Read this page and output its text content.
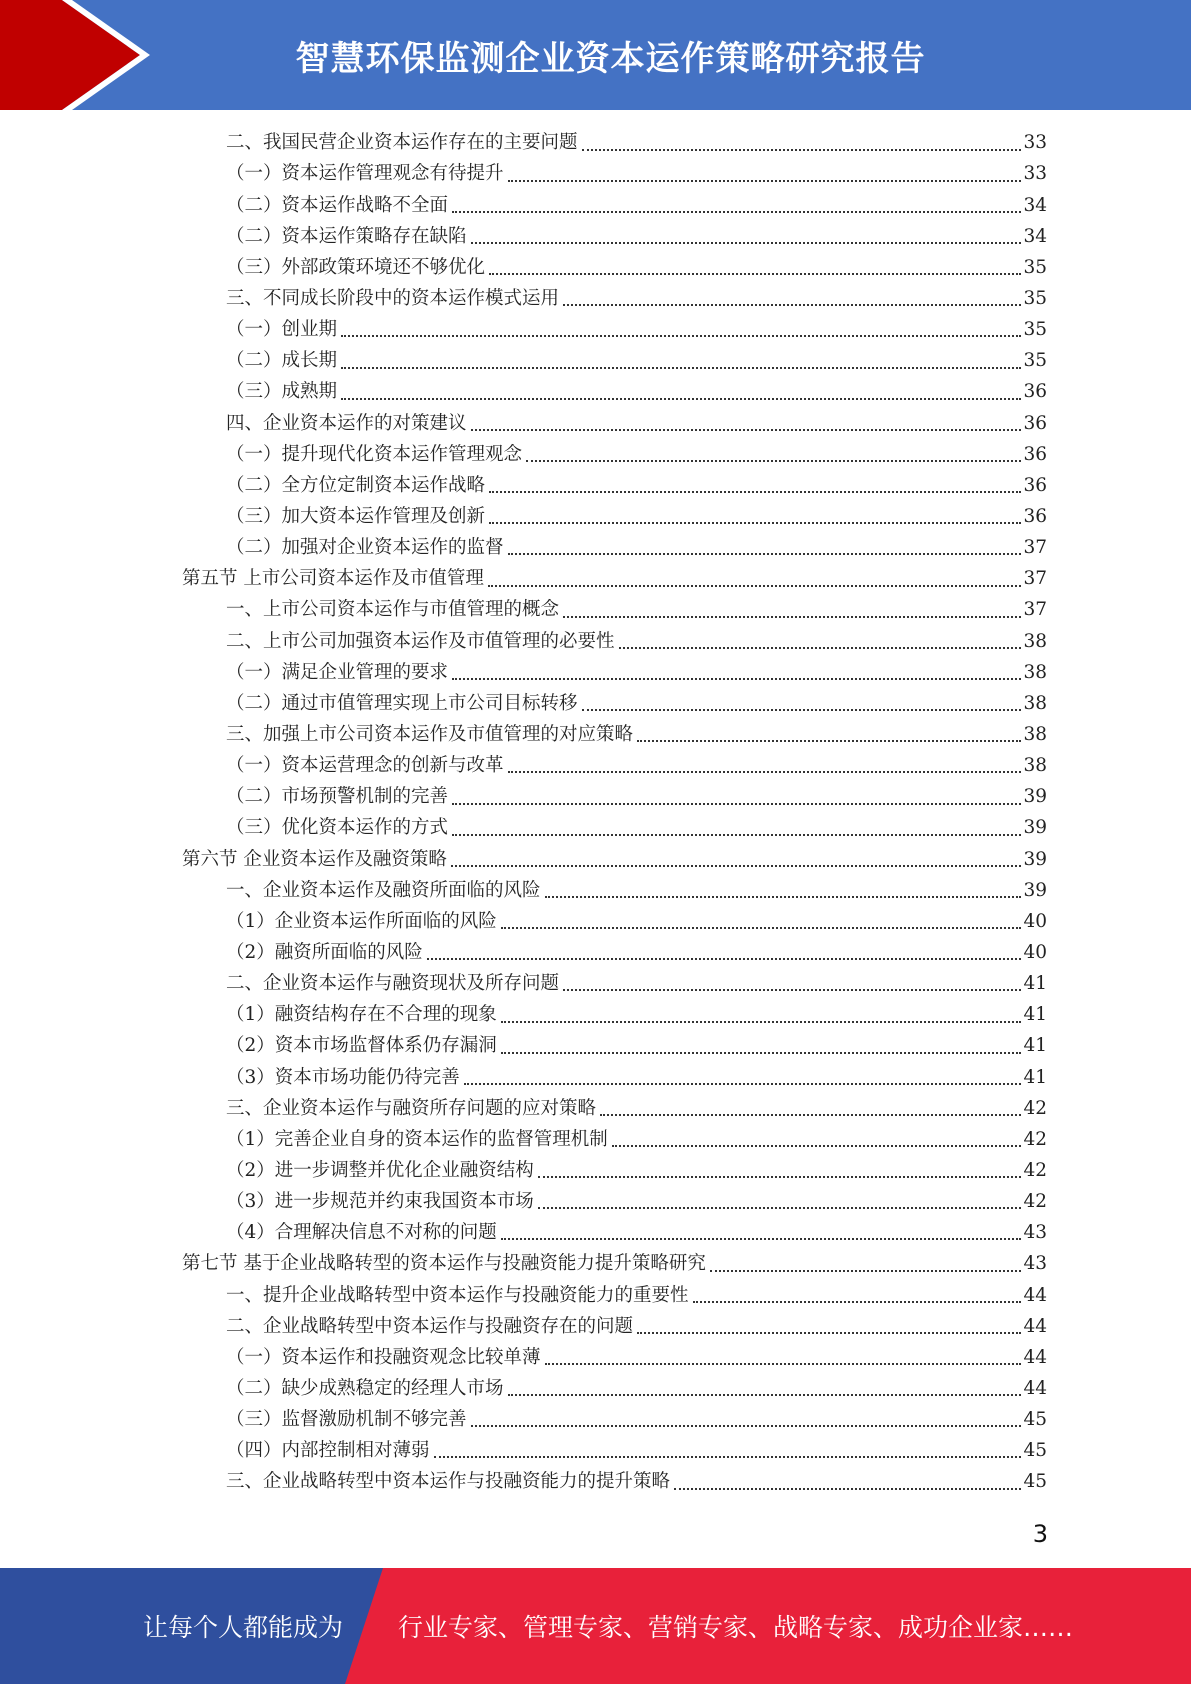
智慧环保监测企业资本运作策略研究报告
二、我国民营企业资本运作存在的主要问题	33
（一）资本运作管理观念有待提升	33
（二）资本运作战略不全面	34
（二）资本运作策略存在缺陷	34
（三）外部政策环境还不够优化	35
三、不同成长阶段中的资本运作模式运用	35
（一）创业期	35
（二）成长期	35
（三）成熟期	36
四、企业资本运作的对策建议	36
（一）提升现代化资本运作管理观念	36
（二）全方位定制资本运作战略	36
（三）加大资本运作管理及创新	36
（二）加强对企业资本运作的监督	37
第五节 上市公司资本运作及市值管理	37
一、上市公司资本运作与市值管理的概念	37
二、上市公司加强资本运作及市值管理的必要性	38
（一）满足企业管理的要求	38
（二）通过市值管理实现上市公司目标转移	38
三、加强上市公司资本运作及市值管理的对应策略	38
（一）资本运营理念的创新与改革	38
（二）市场预警机制的完善	39
（三）优化资本运作的方式	39
第六节 企业资本运作及融资策略	39
一、企业资本运作及融资所面临的风险	39
（1）企业资本运作所面临的风险	40
（2）融资所面临的风险	40
二、企业资本运作与融资现状及所存问题	41
（1）融资结构存在不合理的现象	41
（2）资本市场监督体系仍存漏洞	41
（3）资本市场功能仍待完善	41
三、企业资本运作与融资所存问题的应对策略	42
（1）完善企业自身的资本运作的监督管理机制	42
（2）进一步调整并优化企业融资结构	42
（3）进一步规范并约束我国资本市场	42
（4）合理解决信息不对称的问题	43
第七节 基于企业战略转型的资本运作与投融资能力提升策略研究	43
一、提升企业战略转型中资本运作与投融资能力的重要性	44
二、企业战略转型中资本运作与投融资存在的问题	44
（一）资本运作和投融资观念比较单薄	44
（二）缺少成熟稳定的经理人市场	44
（三）监督激励机制不够完善	45
（四）内部控制相对薄弱	45
三、企业战略转型中资本运作与投融资能力的提升策略	45
3
让每个人都能成为 行业专家、管理专家、营销专家、战略专家、成功企业家……
